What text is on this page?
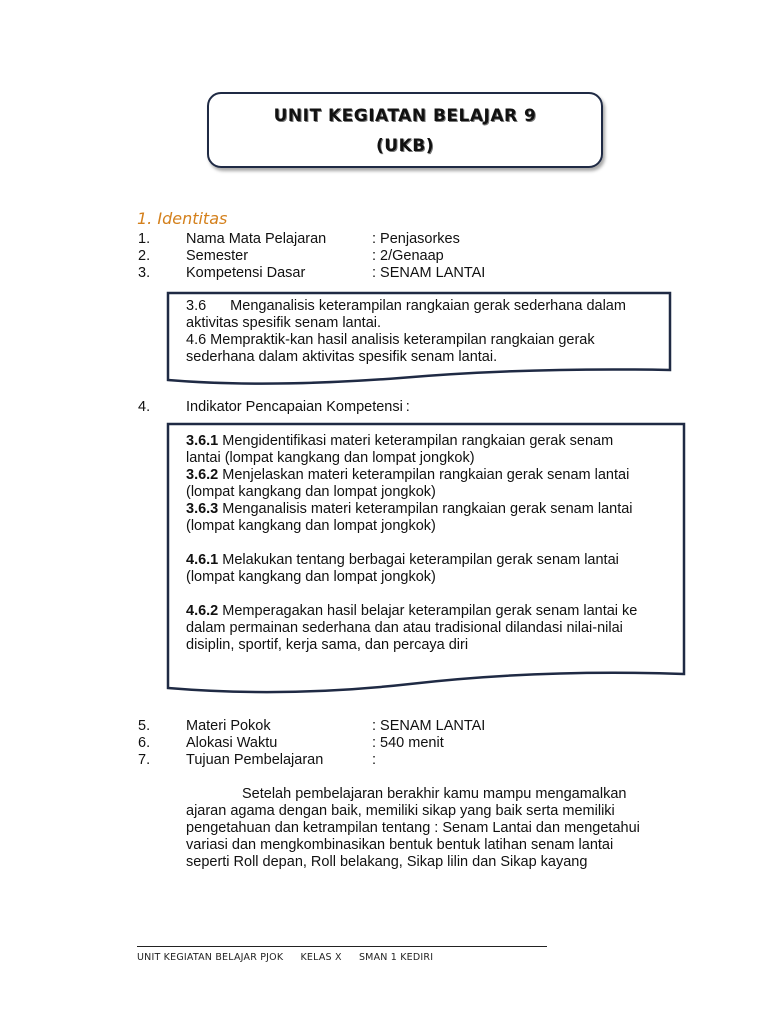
UNIT KEGIATAN BELAJAR 9
(UKB)
1. Identitas
1. Nama Mata Pelajaran	: Penjasorkes
2. Semester	: 2/Genaap
3. Kompetensi Dasar	: SENAM LANTAI
3.6 Menganalisis keterampilan rangkaian gerak sederhana dalam
aktivitas spesifik senam lantai.
4.6 Mempraktik-kan hasil analisis keterampilan rangkaian gerak
sederhana dalam aktivitas spesifik senam lantai.
4. Indikator Pencapaian Kompetensi :
3.6.1 Mengidentifikasi materi keterampilan rangkaian gerak senam
lantai (lompat kangkang dan lompat jongkok)
3.6.2 Menjelaskan materi keterampilan rangkaian gerak senam lantai
(lompat kangkang dan lompat jongkok)
3.6.3 Menganalisis materi keterampilan rangkaian gerak senam lantai
(lompat kangkang dan lompat jongkok)
4.6.1 Melakukan tentang berbagai keterampilan gerak senam lantai
(lompat kangkang dan lompat jongkok)
4.6.2 Memperagakan hasil belajar keterampilan gerak senam lantai ke
dalam permainan sederhana dan atau tradisional dilandasi nilai-nilai
disiplin, sportif, kerja sama, dan percaya diri
5. Materi Pokok	: SENAM LANTAI
6. Alokasi Waktu	: 540 menit
7. Tujuan Pembelajaran	:
Setelah pembelajaran berakhir kamu mampu mengamalkan
ajaran agama dengan baik, memiliki sikap yang baik serta memiliki
pengetahuan dan ketrampilan tentang : Senam Lantai dan mengetahui
variasi dan mengkombinasikan bentuk bentuk latihan senam lantai
seperti Roll depan, Roll belakang, Sikap lilin dan Sikap kayang
UNIT KEGIATAN BELAJAR PJOK KELAS X SMAN 1 KEDIRI
